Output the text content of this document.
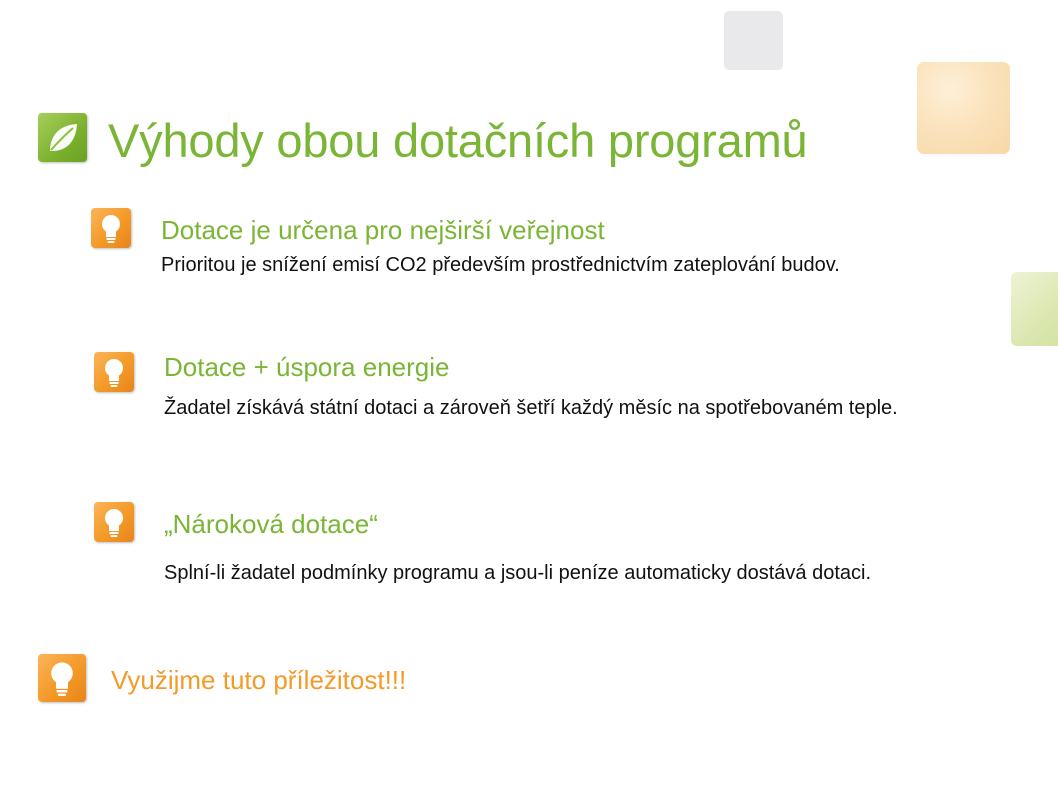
Výhody obou dotačních programů
Dotace je určena pro nejširší veřejnost
Prioritou je snížení emisí CO2 především prostřednictvím zateplování budov.
Dotace + úspora energie
Žadatel získává státní dotaci a zároveň šetří každý měsíc na spotřebovaném teple.
„Nároková dotace“
Splní-li žadatel podmínky programu a jsou-li peníze automaticky dostává dotaci.
Využijme tuto příležitost!!!
